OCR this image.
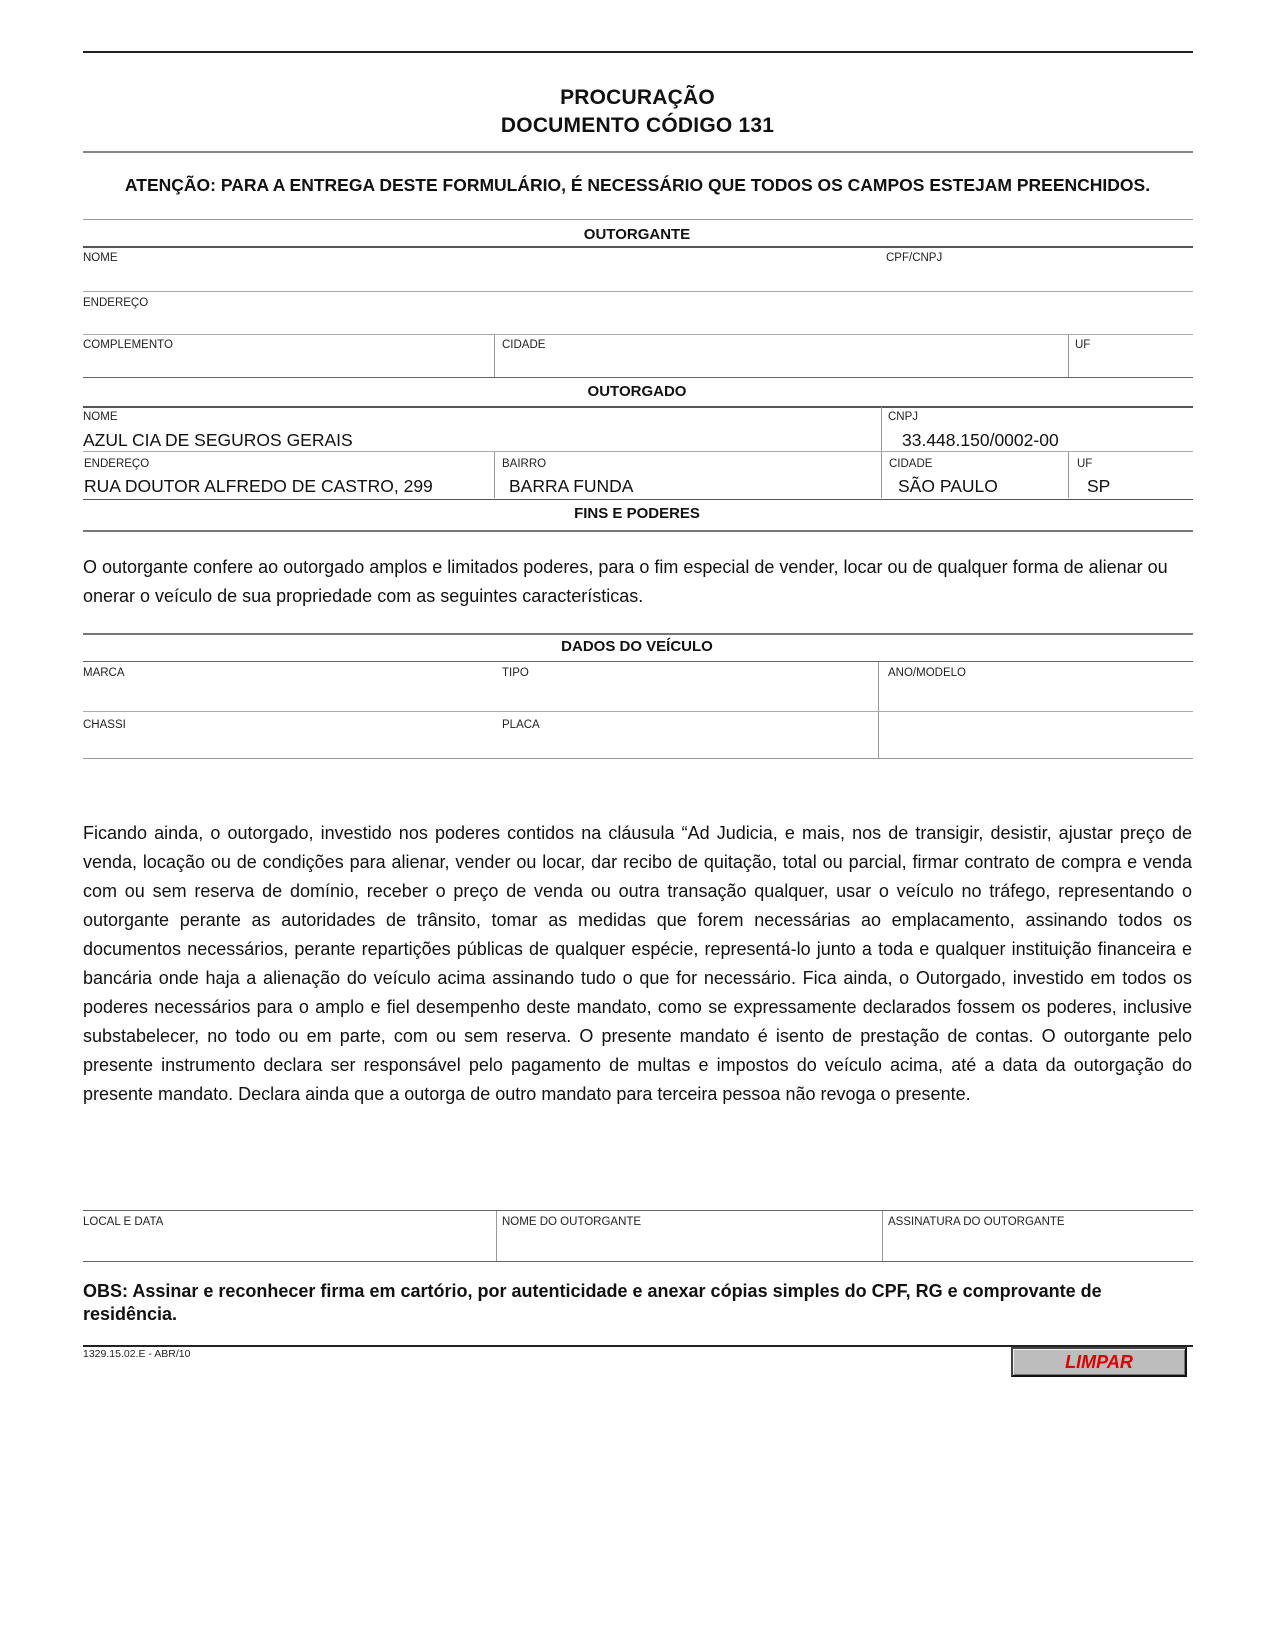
PROCURAÇÃO
DOCUMENTO CÓDIGO 131
ATENÇÃO: PARA A ENTREGA DESTE FORMULÁRIO, É NECESSÁRIO QUE TODOS OS CAMPOS ESTEJAM PREENCHIDOS.
OUTORGANTE
NOME	CPF/CNPJ
ENDEREÇO
COMPLEMENTO	CIDADE	UF
OUTORGADO
NOME
AZUL CIA DE SEGUROS GERAIS
CNPJ
33.448.150/0002-00
ENDEREÇO
RUA DOUTOR ALFREDO DE CASTRO, 299
BAIRRO
BARRA FUNDA
CIDADE
SÃO PAULO
UF
SP
FINS E PODERES
O outorgante confere ao outorgado amplos e limitados poderes, para o fim especial de vender, locar ou de qualquer forma de alienar ou onerar o veículo de sua propriedade com as seguintes características.
DADOS DO VEÍCULO
MARCA	TIPO	ANO/MODELO
CHASSI	PLACA
Ficando ainda, o outorgado, investido nos poderes contidos na cláusula “Ad Judicia, e mais, nos de transigir, desistir, ajustar preço de venda, locação ou de condições para alienar, vender ou locar, dar recibo de quitação, total ou parcial, firmar contrato de compra e venda com ou sem reserva de domínio, receber o preço de venda ou outra transação qualquer, usar o veículo no tráfego, representando o outorgante perante as autoridades de trânsito, tomar as medidas que forem necessárias ao emplacamento, assinando todos os documentos necessários, perante repartições públicas de qualquer espécie, representá-lo junto a toda e qualquer instituição financeira e bancária onde haja a alienação do veículo acima assinando tudo o que for necessário. Fica ainda, o Outorgado, investido em todos os poderes necessários para o amplo e fiel desempenho deste mandato, como se expressamente declarados fossem os poderes, inclusive substabelecer, no todo ou em parte, com ou sem reserva. O presente mandato é isento de prestação de contas. O outorgante pelo presente instrumento declara ser responsável pelo pagamento de multas e impostos do veículo acima, até a data da outorgação do presente mandato. Declara ainda que a outorga de outro mandato para terceira pessoa não revoga o presente.
LOCAL E DATA	NOME DO OUTORGANTE	ASSINATURA DO OUTORGANTE
OBS: Assinar e reconhecer firma em cartório, por autenticidade e anexar cópias simples do CPF, RG e comprovante de residência.
1329.15.02.E - ABR/10	LIMPAR
